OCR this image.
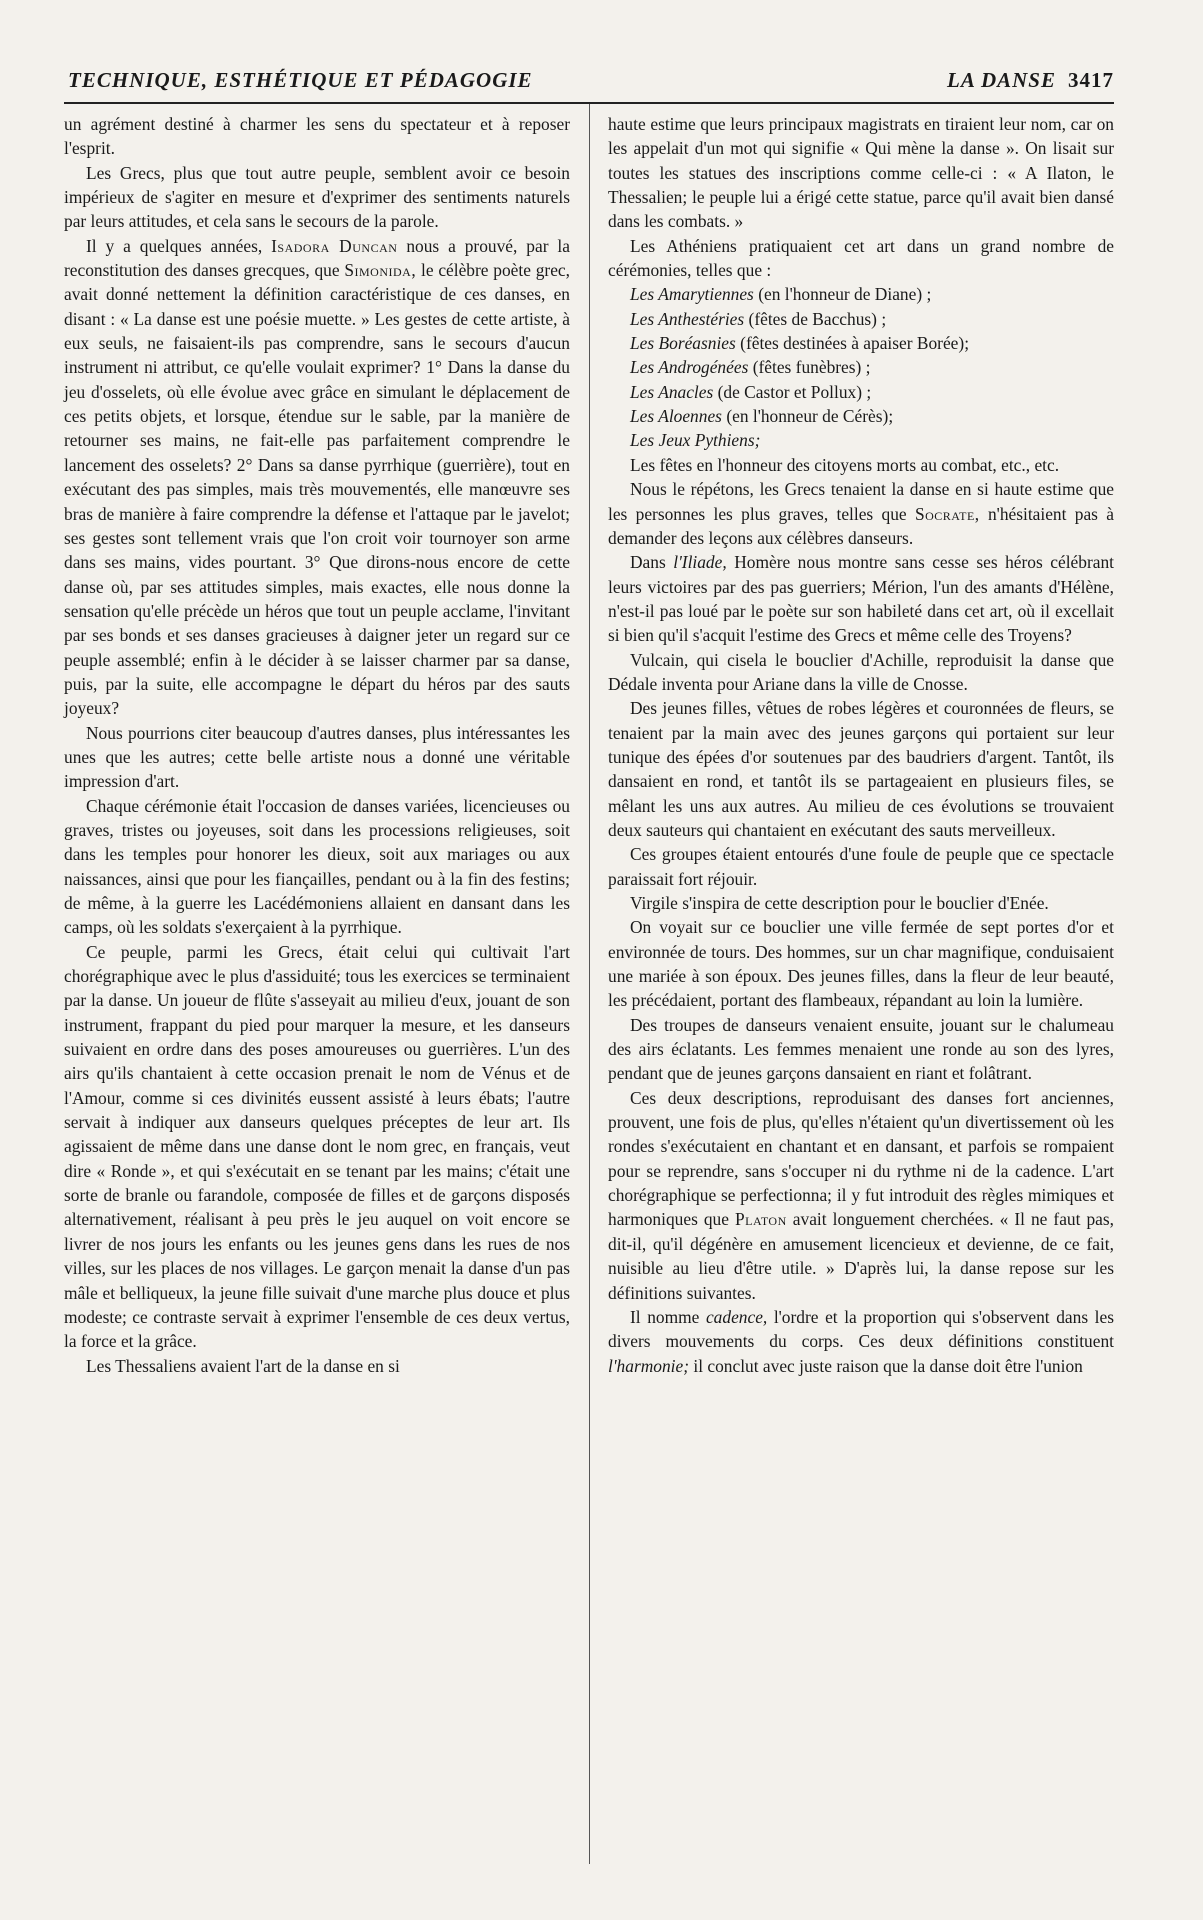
TECHNIQUE, ESTHÉTIQUE ET PÉDAGOGIE	LA DANSE 3417

un agrément destiné à charmer les sens du spectateur et à reposer l'esprit.

Les Grecs, plus que tout autre peuple, semblent avoir ce besoin impérieux de s'agiter en mesure et d'exprimer des sentiments naturels par leurs attitudes, et cela sans le secours de la parole.

Il y a quelques années, Isadora Duncan nous a prouvé, par la reconstitution des danses grecques, que Simonida, le célèbre poète grec, avait donné nettement la définition caractéristique de ces danses, en disant : « La danse est une poésie muette. » Les gestes de cette artiste, à eux seuls, ne faisaient-ils pas comprendre, sans le secours d'aucun instrument ni attribut, ce qu'elle voulait exprimer? 1° Dans la danse du jeu d'osselets, où elle évolue avec grâce en simulant le déplacement de ces petits objets, et lorsque, étendue sur le sable, par la manière de retourner ses mains, ne fait-elle pas parfaitement comprendre le lancement des osselets? 2° Dans sa danse pyrrhique (guerrière), tout en exécutant des pas simples, mais très mouvementés, elle manœuvre ses bras de manière à faire comprendre la défense et l'attaque par le javelot; ses gestes sont tellement vrais que l'on croit voir tournoyer son arme dans ses mains, vides pourtant. 3° Que dirons-nous encore de cette danse où, par ses attitudes simples, mais exactes, elle nous donne la sensation qu'elle précède un héros que tout un peuple acclame, l'invitant par ses bonds et ses danses gracieuses à daigner jeter un regard sur ce peuple assemblé; enfin à le décider à se laisser charmer par sa danse, puis, par la suite, elle accompagne le départ du héros par des sauts joyeux?

Nous pourrions citer beaucoup d'autres danses, plus intéressantes les unes que les autres; cette belle artiste nous a donné une véritable impression d'art.

Chaque cérémonie était l'occasion de danses variées, licencieuses ou graves, tristes ou joyeuses, soit dans les processions religieuses, soit dans les temples pour honorer les dieux, soit aux mariages ou aux naissances, ainsi que pour les fiançailles, pendant ou à la fin des festins; de même, à la guerre les Lacédémoniens allaient en dansant dans les camps, où les soldats s'exerçaient à la pyrrhique.

Ce peuple, parmi les Grecs, était celui qui cultivait l'art chorégraphique avec le plus d'assiduité; tous les exercices se terminaient par la danse. Un joueur de flûte s'asseyait au milieu d'eux, jouant de son instrument, frappant du pied pour marquer la mesure, et les danseurs suivaient en ordre dans des poses amoureuses ou guerrières. L'un des airs qu'ils chantaient à cette occasion prenait le nom de Vénus et de l'Amour, comme si ces divinités eussent assisté à leurs ébats; l'autre servait à indiquer aux danseurs quelques préceptes de leur art. Ils agissaient de même dans une danse dont le nom grec, en français, veut dire « Ronde », et qui s'exécutait en se tenant par les mains; c'était une sorte de branle ou farandole, composée de filles et de garçons disposés alternativement, réalisant à peu près le jeu auquel on voit encore se livrer de nos jours les enfants ou les jeunes gens dans les rues de nos villes, sur les places de nos villages. Le garçon menait la danse d'un pas mâle et belliqueux, la jeune fille suivait d'une marche plus douce et plus modeste; ce contraste servait à exprimer l'ensemble de ces deux vertus, la force et la grâce.

Les Thessaliens avaient l'art de la danse en si

haute estime que leurs principaux magistrats en tiraient leur nom, car on les appelait d'un mot qui signifie « Qui mène la danse ». On lisait sur toutes les statues des inscriptions comme celle-ci : « A Ilaton, le Thessalien; le peuple lui a érigé cette statue, parce qu'il avait bien dansé dans les combats. »

Les Athéniens pratiquaient cet art dans un grand nombre de cérémonies, telles que :

Les Amarytiennes (en l'honneur de Diane) ;

Les Anthestéries (fêtes de Bacchus) ;

Les Boréasnies (fêtes destinées à apaiser Borée);

Les Androgénées (fêtes funèbres) ;

Les Anacles (de Castor et Pollux) ;

Les Aloennes (en l'honneur de Cérès);

Les Jeux Pythiens;

Les fêtes en l'honneur des citoyens morts au combat, etc., etc.

Nous le répétons, les Grecs tenaient la danse en si haute estime que les personnes les plus graves, telles que Socrate, n'hésitaient pas à demander des leçons aux célèbres danseurs.

Dans l'Iliade, Homère nous montre sans cesse ses héros célébrant leurs victoires par des pas guerriers; Mérion, l'un des amants d'Hélène, n'est-il pas loué par le poète sur son habileté dans cet art, où il excellait si bien qu'il s'acquit l'estime des Grecs et même celle des Troyens?

Vulcain, qui cisela le bouclier d'Achille, reproduisit la danse que Dédale inventa pour Ariane dans la ville de Cnosse.

Des jeunes filles, vêtues de robes légères et couronnées de fleurs, se tenaient par la main avec des jeunes garçons qui portaient sur leur tunique des épées d'or soutenues par des baudriers d'argent. Tantôt, ils dansaient en rond, et tantôt ils se partageaient en plusieurs files, se mêlant les uns aux autres. Au milieu de ces évolutions se trouvaient deux sauteurs qui chantaient en exécutant des sauts merveilleux.

Ces groupes étaient entourés d'une foule de peuple que ce spectacle paraissait fort réjouir.

Virgile s'inspira de cette description pour le bouclier d'Enée.

On voyait sur ce bouclier une ville fermée de sept portes d'or et environnée de tours. Des hommes, sur un char magnifique, conduisaient une mariée à son époux. Des jeunes filles, dans la fleur de leur beauté, les précédaient, portant des flambeaux, répandant au loin la lumière.

Des troupes de danseurs venaient ensuite, jouant sur le chalumeau des airs éclatants. Les femmes menaient une ronde au son des lyres, pendant que de jeunes garçons dansaient en riant et folâtrant.

Ces deux descriptions, reproduisant des danses fort anciennes, prouvent, une fois de plus, qu'elles n'étaient qu'un divertissement où les rondes s'exécutaient en chantant et en dansant, et parfois se rompaient pour se reprendre, sans s'occuper ni du rythme ni de la cadence. L'art chorégraphique se perfectionna; il y fut introduit des règles mimiques et harmoniques que Platon avait longuement cherchées. « Il ne faut pas, dit-il, qu'il dégénère en amusement licencieux et devienne, de ce fait, nuisible au lieu d'être utile. » D'après lui, la danse repose sur les définitions suivantes.

Il nomme cadence, l'ordre et la proportion qui s'observent dans les divers mouvements du corps. Ces deux définitions constituent l'harmonie; il conclut avec juste raison que la danse doit être l'union
